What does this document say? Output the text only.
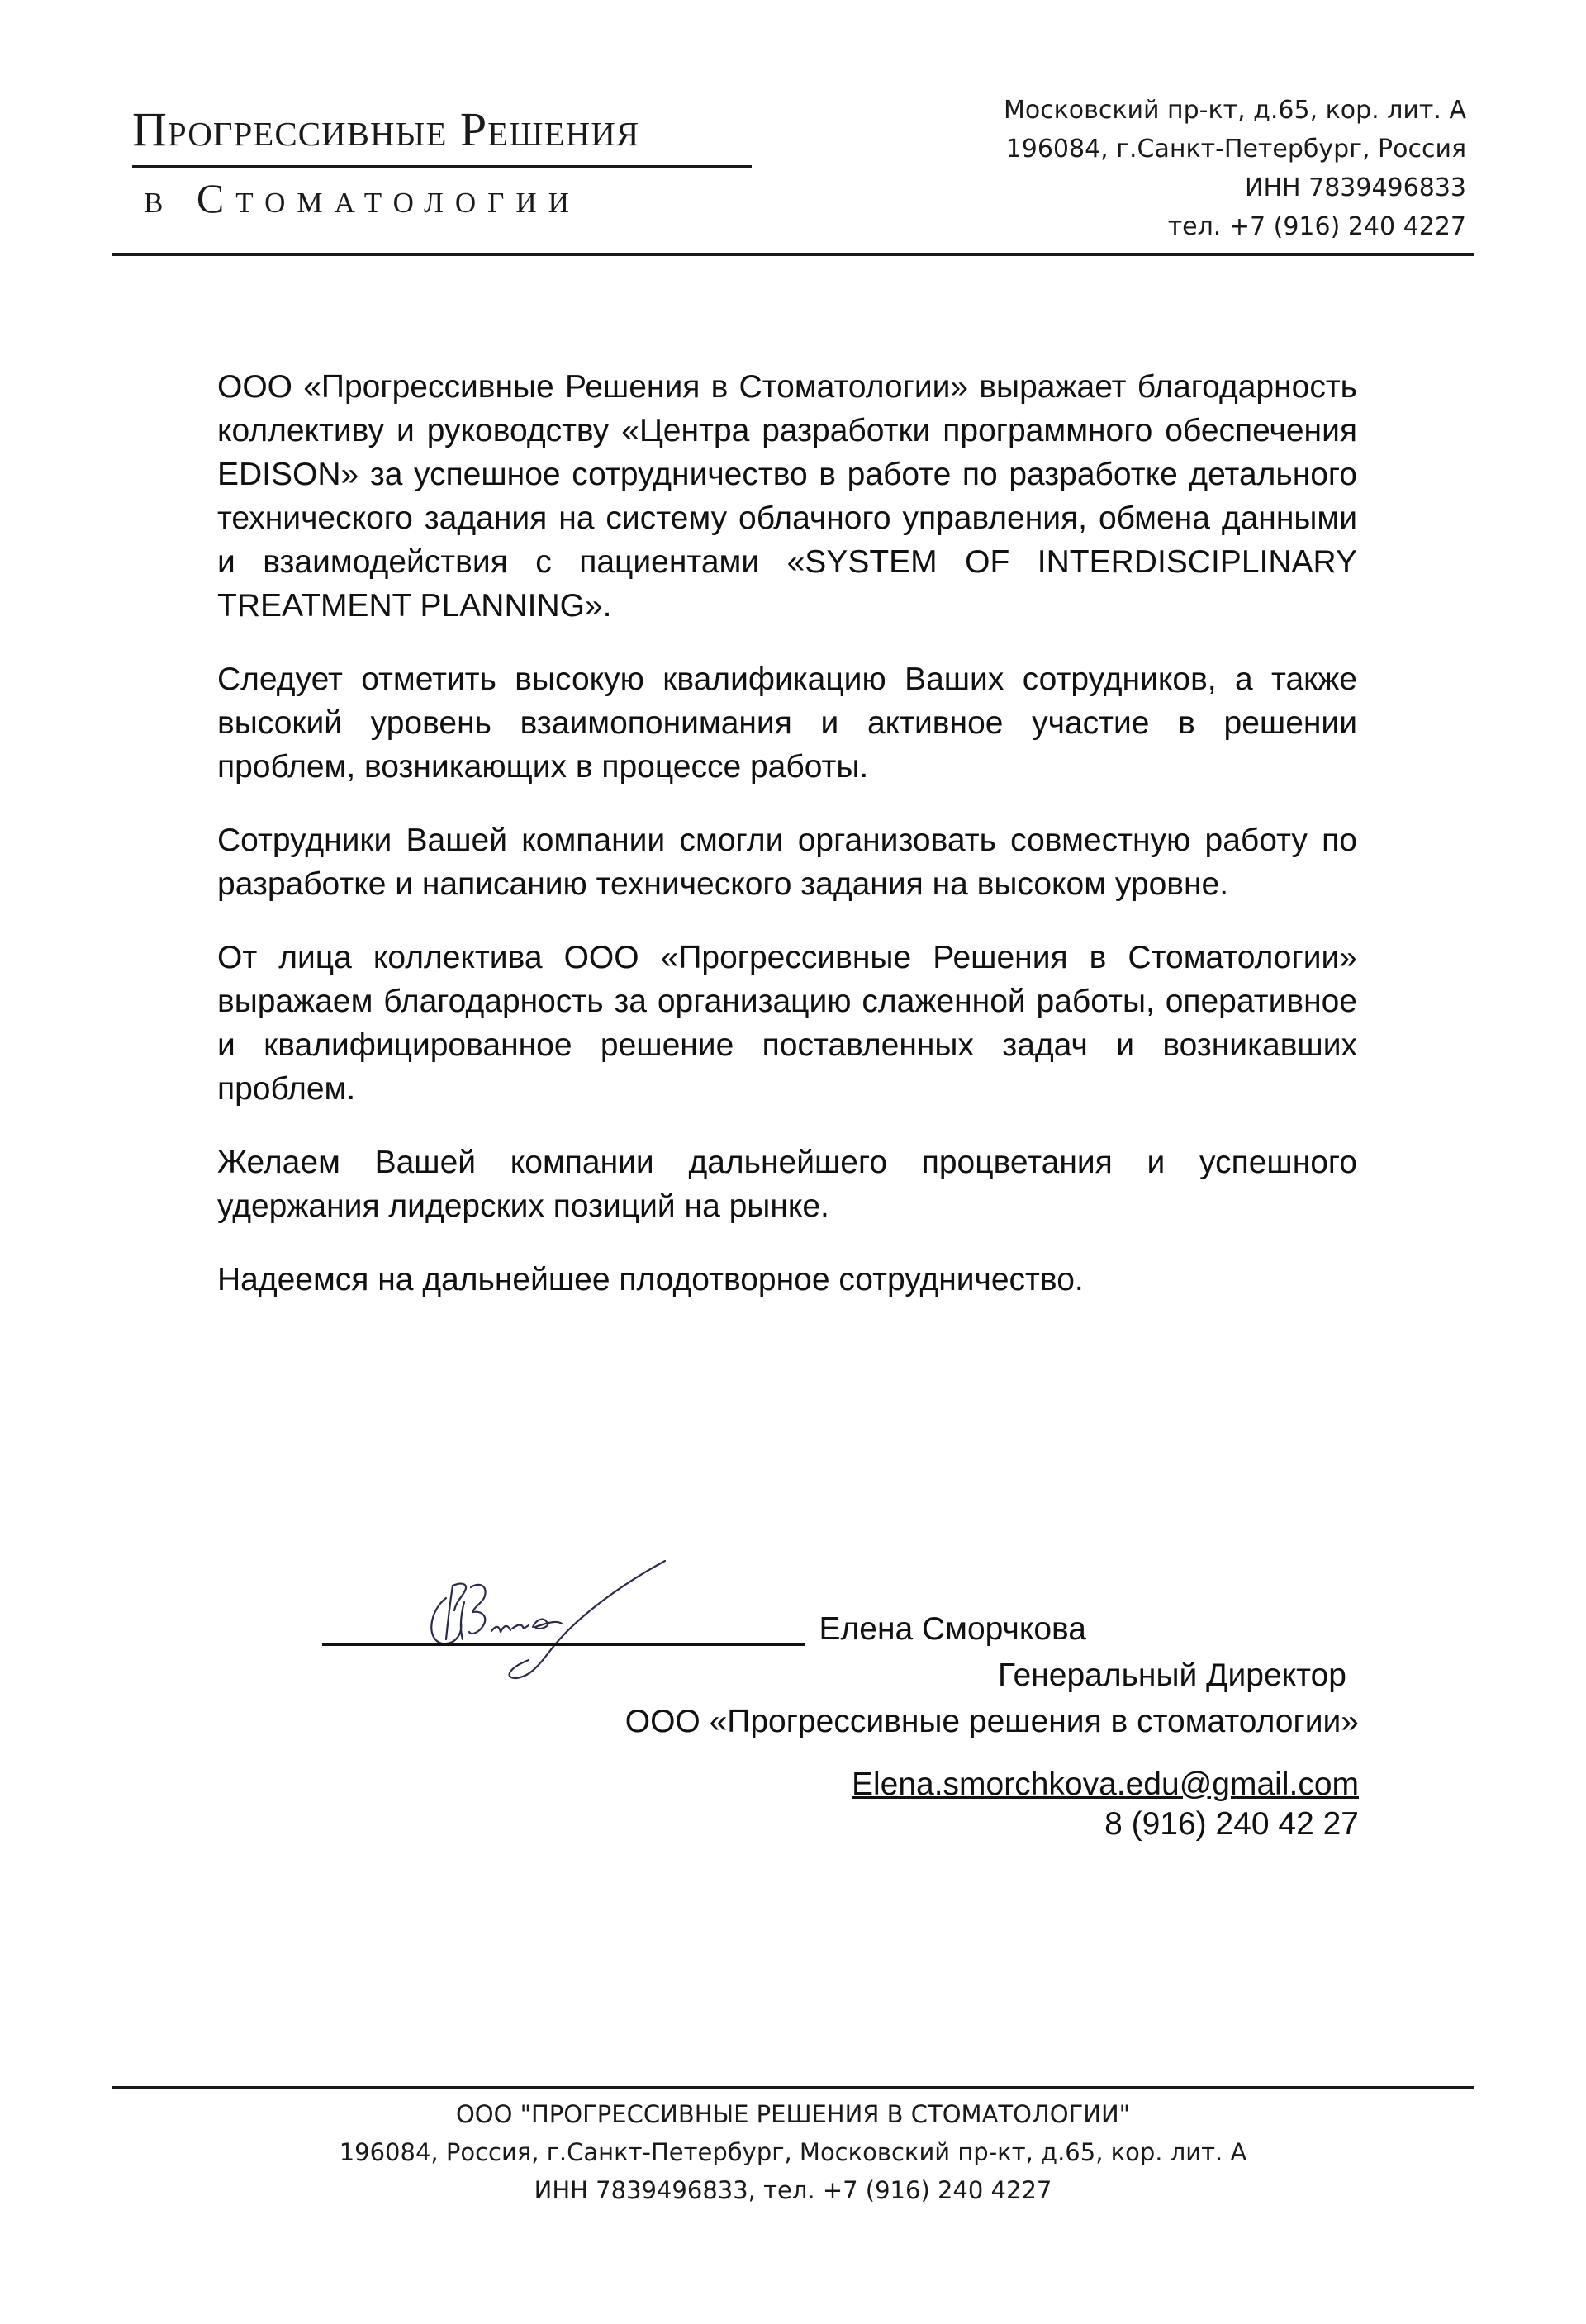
Прогрессивные Решения
в Стоматологии
Московский пр-кт, д.65, кор. лит. А
196084, г.Санкт-Петербург, Россия
ИНН 7839496833
тел. +7 (916) 240 4227

ООО «Прогрессивные Решения в Стоматологии» выражает благодарность коллективу и руководству «Центра разработки программного обеспечения EDISON» за успешное сотрудничество в работе по разработке детального технического задания на систему облачного управления, обмена данными и взаимодействия с пациентами «SYSTEM OF INTERDISCIPLINARY TREATMENT PLANNING».

Следует отметить высокую квалификацию Ваших сотрудников, а также высокий уровень взаимопонимания и активное участие в решении проблем, возникающих в процессе работы.

Сотрудники Вашей компании смогли организовать совместную работу по разработке и написанию технического задания на высоком уровне.

От лица коллектива ООО «Прогрессивные Решения в Стоматологии» выражаем благодарность за организацию слаженной работы, оперативное и квалифицированное решение поставленных задач и возникавших проблем.

Желаем Вашей компании дальнейшего процветания и успешного удержания лидерских позиций на рынке.

Надеемся на дальнейшее плодотворное сотрудничество.

Елена Сморчкова
Генеральный Директор
ООО «Прогрессивные решения в стоматологии»
Elena.smorchkova.edu@gmail.com
8 (916) 240 42 27
ООО "ПРОГРЕССИВНЫЕ РЕШЕНИЯ В СТОМАТОЛОГИИ"
196084, Россия, г.Санкт-Петербург, Московский пр-кт, д.65, кор. лит. А
ИНН 7839496833, тел. +7 (916) 240 4227
